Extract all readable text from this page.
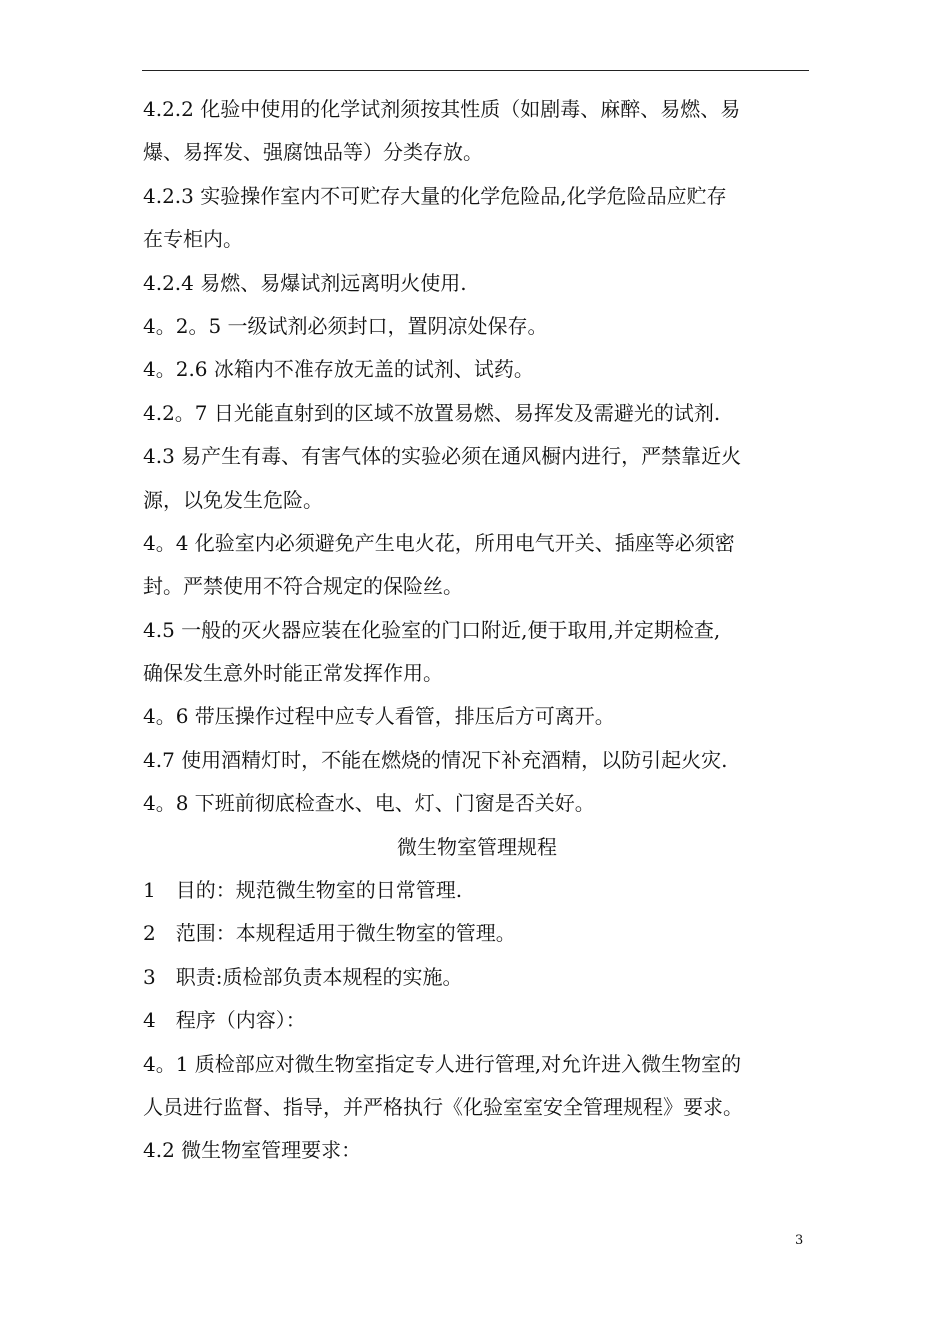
4.2.2 化验中使用的化学试剂须按其性质（如剧毒、麻醉、易燃、易

爆、易挥发、强腐蚀品等）分类存放。

4.2.3 实验操作室内不可贮存大量的化学危险品,化学危险品应贮存

在专柜内。

4.2.4 易燃、易爆试剂远离明火使用.

4。2。5 一级试剂必须封口，置阴凉处保存。

4。2.6 冰箱内不准存放无盖的试剂、试药。

4.2。7 日光能直射到的区域不放置易燃、易挥发及需避光的试剂.

4.3 易产生有毒、有害气体的实验必须在通风橱内进行，严禁靠近火

源，以免发生危险。

4。4 化验室内必须避免产生电火花，所用电气开关、插座等必须密

封。严禁使用不符合规定的保险丝。

4.5 一般的灭火器应装在化验室的门口附近,便于取用,并定期检查,

确保发生意外时能正常发挥作用。

4。6 带压操作过程中应专人看管，排压后方可离开。

4.7 使用酒精灯时，不能在燃烧的情况下补充酒精，以防引起火灾.

4。8 下班前彻底检查水、电、灯、门窗是否关好。

微生物室管理规程

1　目的：规范微生物室的日常管理.

2　范围：本规程适用于微生物室的管理。

3　职责:质检部负责本规程的实施。

4　程序（内容）：

4。1 质检部应对微生物室指定专人进行管理,对允许进入微生物室的

人员进行监督、指导，并严格执行《化验室室安全管理规程》要求。

4.2 微生物室管理要求：

3
